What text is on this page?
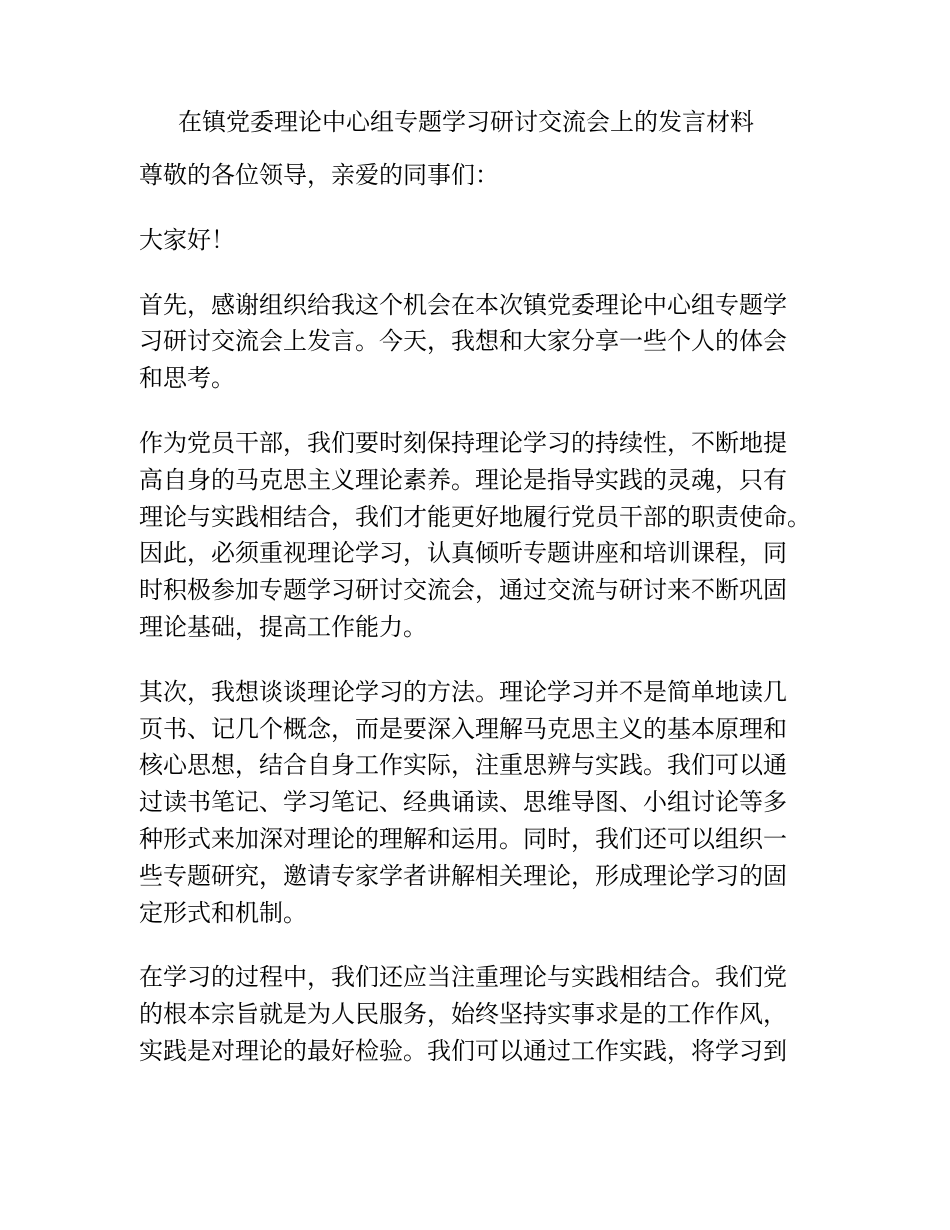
在镇党委理论中心组专题学习研讨交流会上的发言材料

尊敬的各位领导，亲爱的同事们：

大家好！

首先，感谢组织给我这个机会在本次镇党委理论中心组专题学
习研讨交流会上发言。今天，我想和大家分享一些个人的体会
和思考。

作为党员干部，我们要时刻保持理论学习的持续性，不断地提
高自身的马克思主义理论素养。理论是指导实践的灵魂，只有
理论与实践相结合，我们才能更好地履行党员干部的职责使命。
因此，必须重视理论学习，认真倾听专题讲座和培训课程，同
时积极参加专题学习研讨交流会，通过交流与研讨来不断巩固
理论基础，提高工作能力。

其次，我想谈谈理论学习的方法。理论学习并不是简单地读几
页书、记几个概念，而是要深入理解马克思主义的基本原理和
核心思想，结合自身工作实际，注重思辨与实践。我们可以通
过读书笔记、学习笔记、经典诵读、思维导图、小组讨论等多
种形式来加深对理论的理解和运用。同时，我们还可以组织一
些专题研究，邀请专家学者讲解相关理论，形成理论学习的固
定形式和机制。

在学习的过程中，我们还应当注重理论与实践相结合。我们党
的根本宗旨就是为人民服务，始终坚持实事求是的工作作风，
实践是对理论的最好检验。我们可以通过工作实践，将学习到
